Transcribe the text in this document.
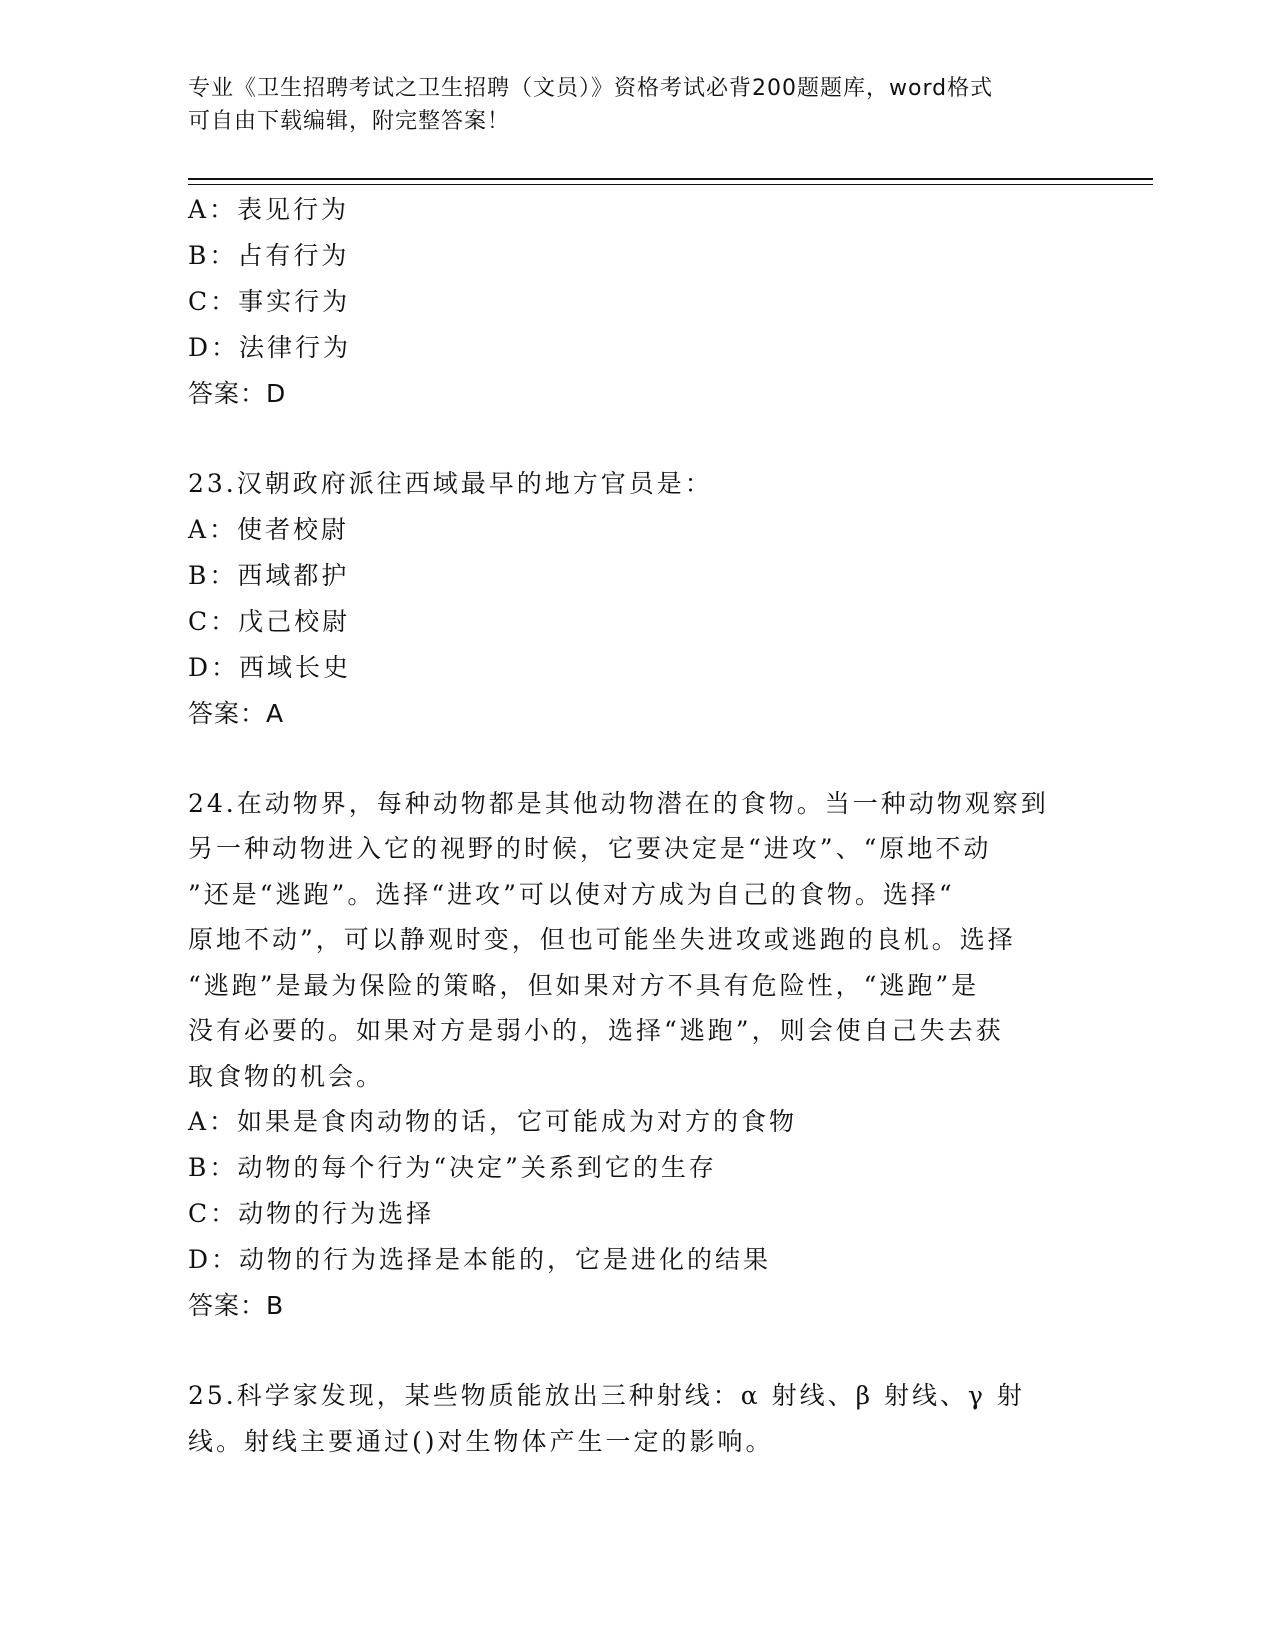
专业《卫生招聘考试之卫生招聘（文员）》资格考试必背200题题库，word格式
可自由下载编辑，附完整答案！
A：表见行为
B：占有行为
C：事实行为
D：法律行为
答案：D
23.汉朝政府派往西域最早的地方官员是：
A：使者校尉
B：西域都护
C：戊己校尉
D：西域长史
答案：A
24.在动物界，每种动物都是其他动物潜在的食物。当一种动物观察到
另一种动物进入它的视野的时候，它要决定是“进攻”、“原地不动
”还是“逃跑”。选择“进攻”可以使对方成为自己的食物。选择“
原地不动”，可以静观时变，但也可能坐失进攻或逃跑的良机。选择
“逃跑”是最为保险的策略，但如果对方不具有危险性，“逃跑”是
没有必要的。如果对方是弱小的，选择“逃跑”，则会使自己失去获
取食物的机会。
A：如果是食肉动物的话，它可能成为对方的食物
B：动物的每个行为“决定”关系到它的生存
C：动物的行为选择
D：动物的行为选择是本能的，它是进化的结果
答案：B
25.科学家发现，某些物质能放出三种射线：α 射线、β 射线、γ 射
线。射线主要通过()对生物体产生一定的影响。
